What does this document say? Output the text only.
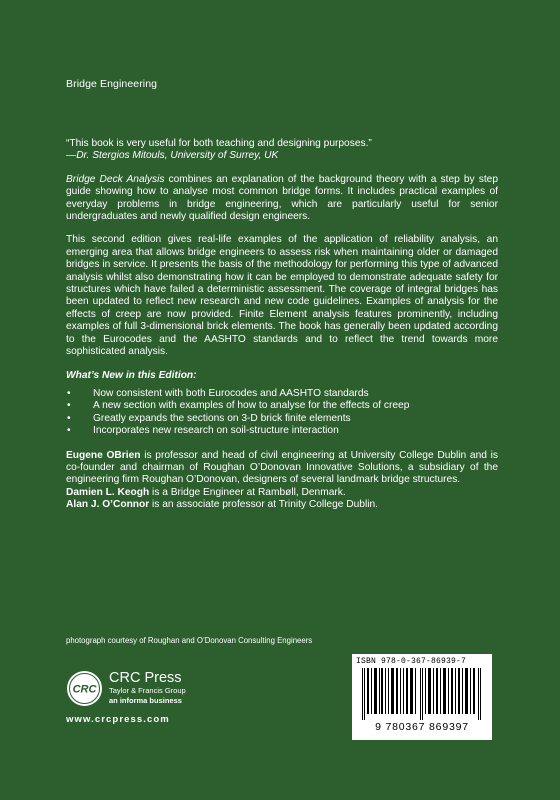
Bridge Engineering

“This book is very useful for both teaching and designing purposes.”
—Dr. Stergios Mitouls, University of Surrey, UK

Bridge Deck Analysis combines an explanation of the background theory with a step by step guide showing how to analyse most common bridge forms. It includes practical examples of everyday problems in bridge engineering, which are particularly useful for senior undergraduates and newly qualified design engineers.

This second edition gives real-life examples of the application of reliability analysis, an emerging area that allows bridge engineers to assess risk when maintaining older or damaged bridges in service. It presents the basis of the methodology for performing this type of advanced analysis whilst also demonstrating how it can be employed to demonstrate adequate safety for structures which have failed a deterministic assessment. The coverage of integral bridges has been updated to reflect new research and new code guidelines. Examples of analysis for the effects of creep are now provided. Finite Element analysis features prominently, including examples of full 3-dimensional brick elements. The book has generally been updated according to the Eurocodes and the AASHTO standards and to reflect the trend towards more sophisticated analysis.

What’s New in this Edition:

• Now consistent with both Eurocodes and AASHTO standards
• A new section with examples of how to analyse for the effects of creep
• Greatly expands the sections on 3-D brick finite elements
• Incorporates new research on soil-structure interaction

Eugene OBrien is professor and head of civil engineering at University College Dublin and is co-founder and chairman of Roughan O’Donovan Innovative Solutions, a subsidiary of the engineering firm Roughan O’Donovan, designers of several landmark bridge structures.

Damien L. Keogh is a Bridge Engineer at Rambøll, Denmark.

Alan J. O’Connor is an associate professor at Trinity College Dublin.

photograph courtesy of Roughan and O’Donovan Consulting Engineers
CRC
CRC Press
Taylor & Francis Group
an informa business
www.crcpress.com
ISBN 978-0-367-86939-7
9 780367 869397
